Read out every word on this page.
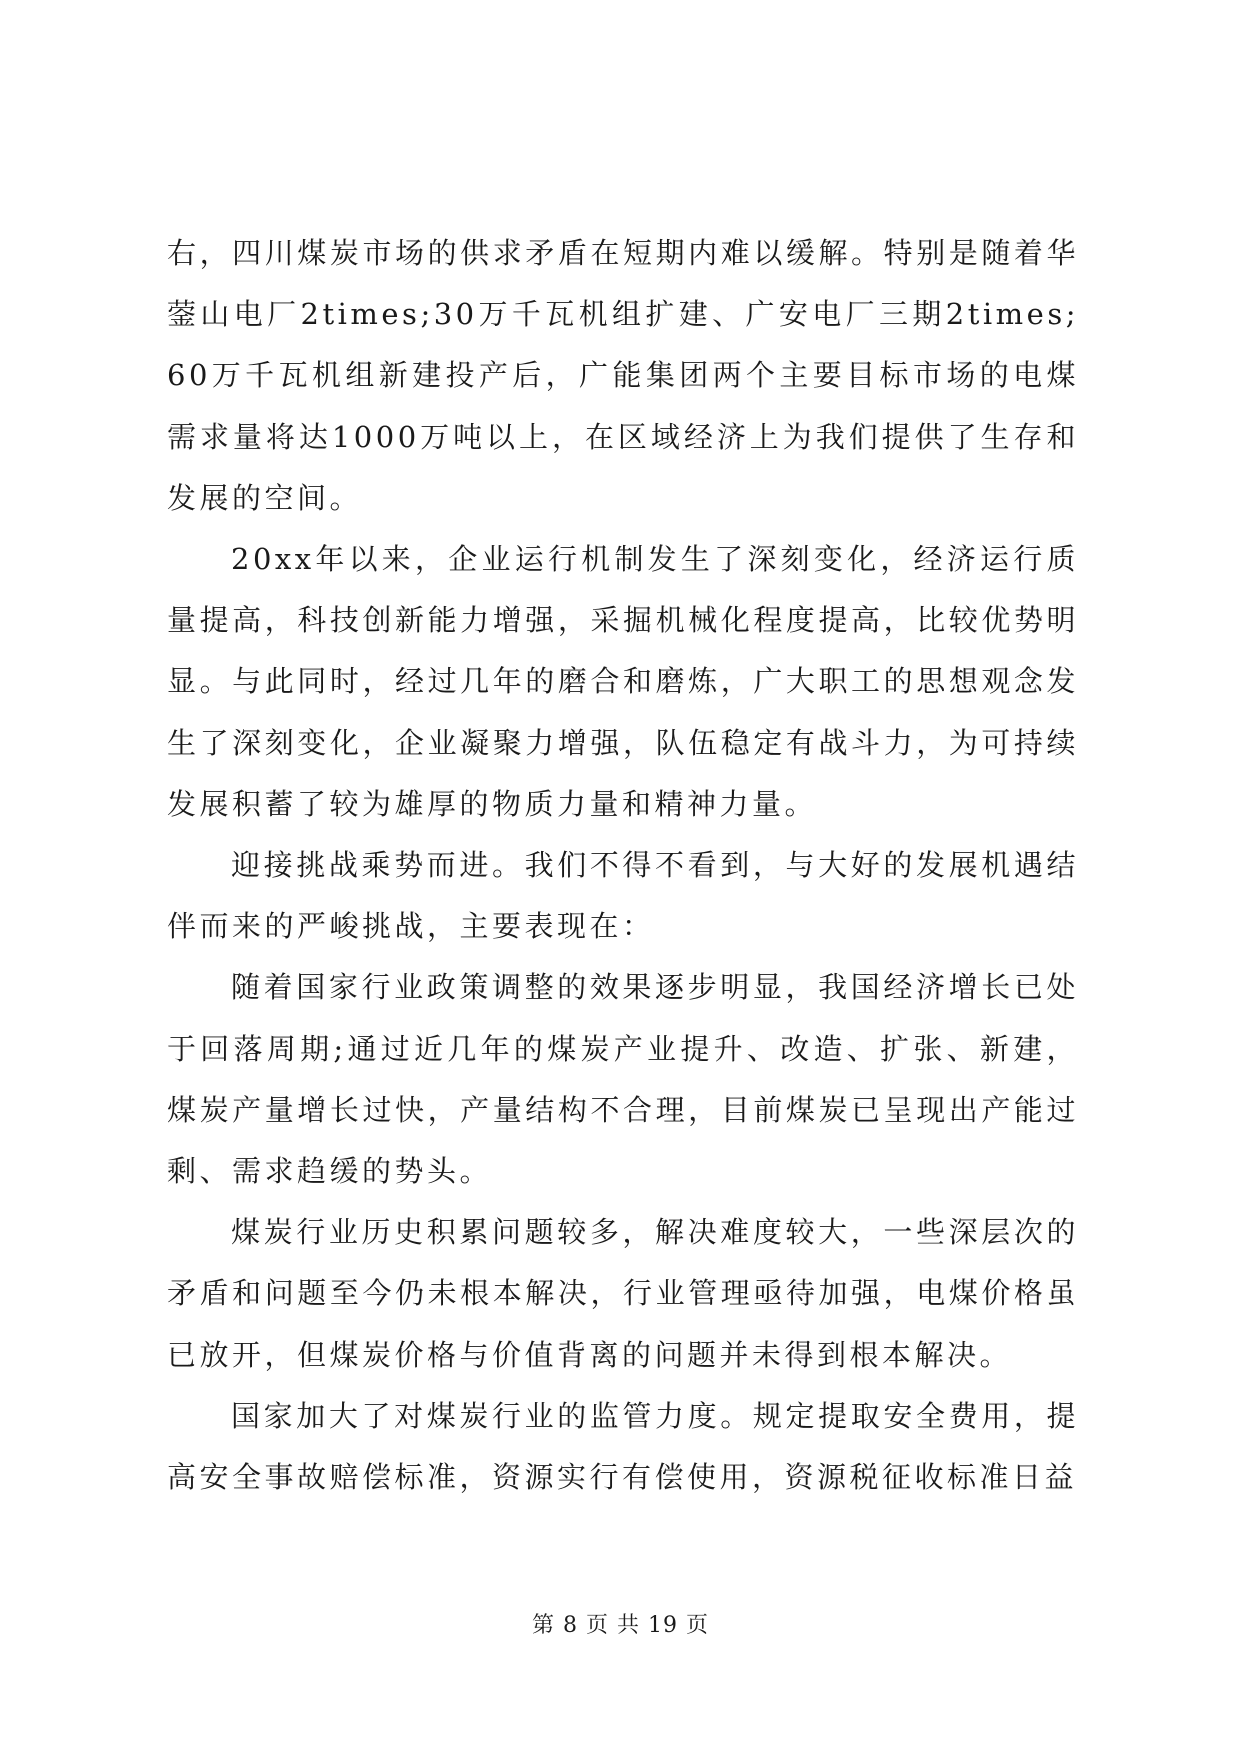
右，四川煤炭市场的供求矛盾在短期内难以缓解。特别是随着华蓥山电厂2times;30万千瓦机组扩建、广安电厂三期2times;60万千瓦机组新建投产后，广能集团两个主要目标市场的电煤需求量将达1000万吨以上，在区域经济上为我们提供了生存和发展的空间。

20xx年以来，企业运行机制发生了深刻变化，经济运行质量提高，科技创新能力增强，采掘机械化程度提高，比较优势明显。与此同时，经过几年的磨合和磨炼，广大职工的思想观念发生了深刻变化，企业凝聚力增强，队伍稳定有战斗力，为可持续发展积蓄了较为雄厚的物质力量和精神力量。

迎接挑战乘势而进。我们不得不看到，与大好的发展机遇结伴而来的严峻挑战，主要表现在：

随着国家行业政策调整的效果逐步明显，我国经济增长已处于回落周期;通过近几年的煤炭产业提升、改造、扩张、新建，煤炭产量增长过快，产量结构不合理，目前煤炭已呈现出产能过剩、需求趋缓的势头。

煤炭行业历史积累问题较多，解决难度较大，一些深层次的矛盾和问题至今仍未根本解决，行业管理亟待加强，电煤价格虽已放开，但煤炭价格与价值背离的问题并未得到根本解决。

国家加大了对煤炭行业的监管力度。规定提取安全费用，提高安全事故赔偿标准，资源实行有偿使用，资源税征收标准日益

第 8 页 共 19 页
